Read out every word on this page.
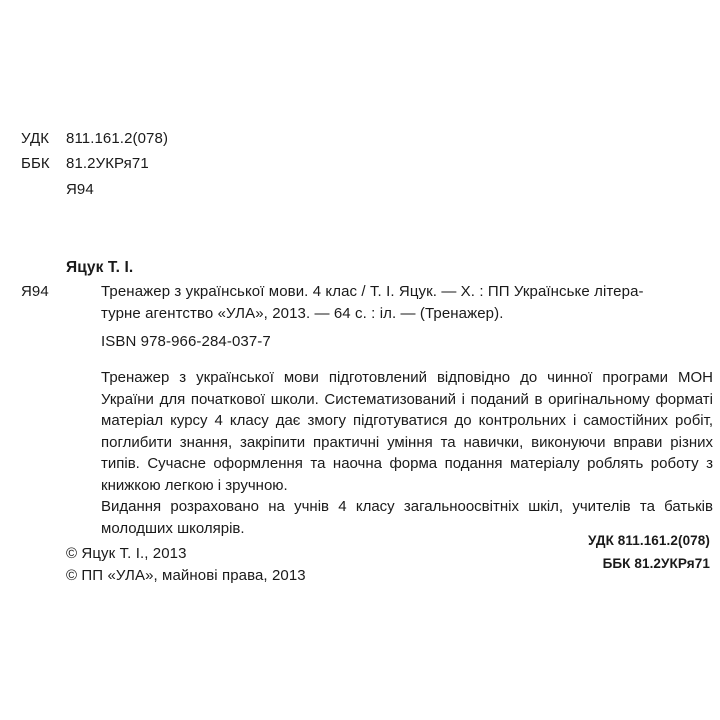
УДК 811.161.2(078)
ББК 81.2УКРя71
Я94
Яцук Т. І.
Я94	Тренажер з української мови. 4 клас / Т. І. Яцук. — Х. : ПП Українське літера-
турне агентство «УЛА», 2013. — 64 с. : іл. — (Тренажер).
ISBN 978-966-284-037-7
Тренажер з української мови підготовлений відповідно до чинної програми МОН України для початкової школи. Систематизований і поданий в оригінальному форматі матеріал курсу 4 класу дає змогу підготуватися до контрольних і самостійних робіт, поглибити знання, закріпити практичні уміння та навички, виконуючи вправи різних типів. Сучасне оформлення та наочна форма подання матеріалу роблять роботу з книжкою легкою і зручною.
Видання розраховано на учнів 4 класу загальноосвітніх шкіл, учителів та батьків молодших школярів.
© Яцук Т. І., 2013
© ПП «УЛА», майнові права, 2013
УДК 811.161.2(078)
ББК 81.2УКРя71
